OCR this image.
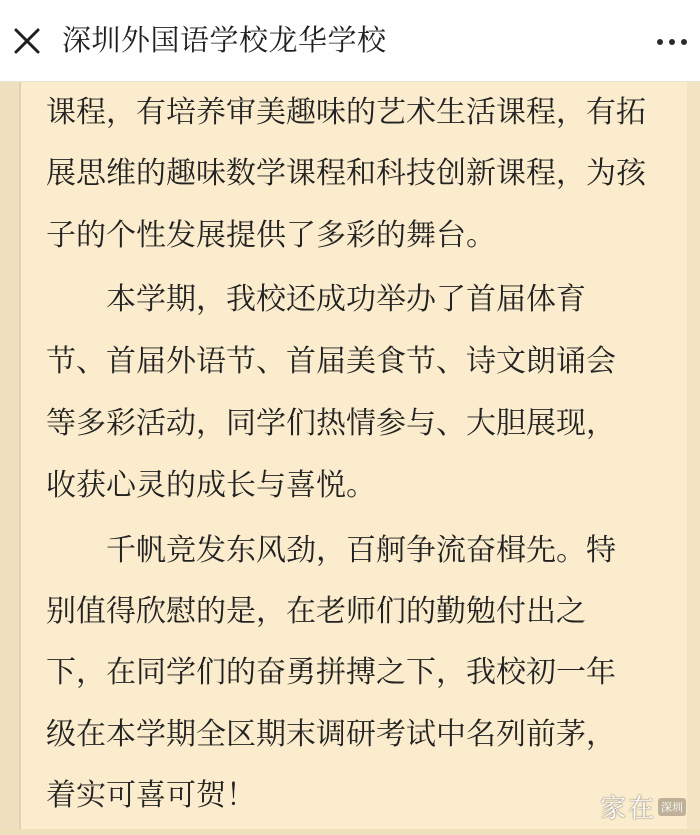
深圳外国语学校龙华学校
课程，有培养审美趣味的艺术生活课程，有拓
展思维的趣味数学课程和科技创新课程，为孩
子的个性发展提供了多彩的舞台。
本学期，我校还成功举办了首届体育
节、首届外语节、首届美食节、诗文朗诵会
等多彩活动，同学们热情参与、大胆展现，
收获心灵的成长与喜悦。
千帆竞发东风劲，百舸争流奋楫先。特
别值得欣慰的是，在老师们的勤勉付出之
下，在同学们的奋勇拼搏之下，我校初一年
级在本学期全区期末调研考试中名列前茅，
着实可喜可贺！	家在 深圳
